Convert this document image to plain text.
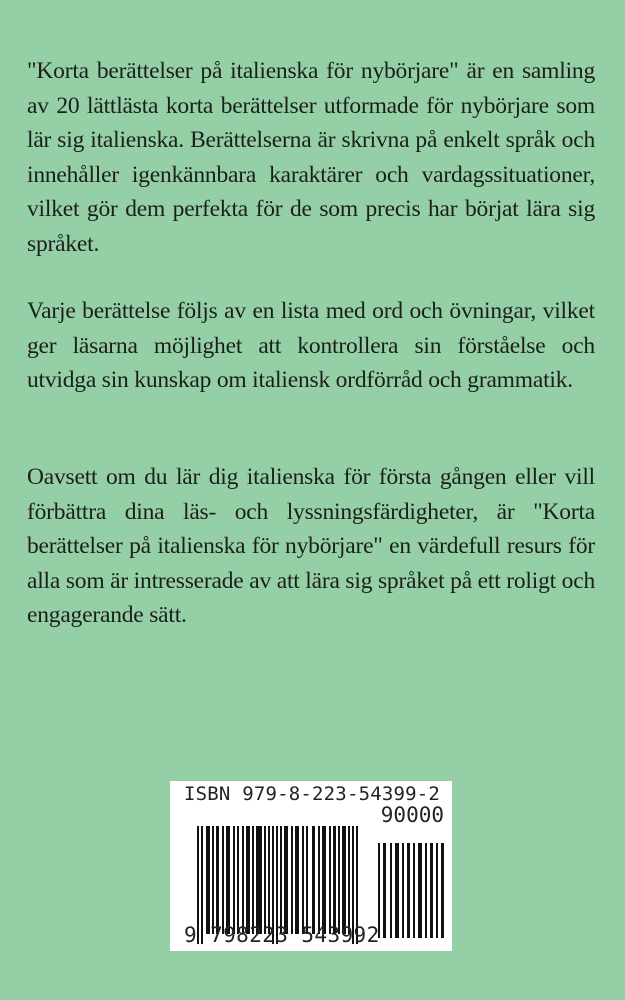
"Korta berättelser på italienska för nybörjare" är en samling av 20 lättlästa korta berättelser utformade för nybörjare som lär sig italienska. Berättelserna är skrivna på enkelt språk och innehåller igenkännbara karaktärer och vardagssituationer, vilket gör dem perfekta för de som precis har börjat lära sig språket.
Varje berättelse följs av en lista med ord och övningar, vilket ger läsarna möjlighet att kontrollera sin förståelse och utvidga sin kunskap om italiensk ordförråd och grammatik.
Oavsett om du lär dig italienska för första gången eller vill förbättra dina läs- och lyssningsfärdigheter, är "Korta berättelser på italienska för nybörjare" en värdefull resurs för alla som är intresserade av att lära sig språket på ett roligt och engagerande sätt.
ISBN 979-8-223-54399-2
90000
9 798223 543992
